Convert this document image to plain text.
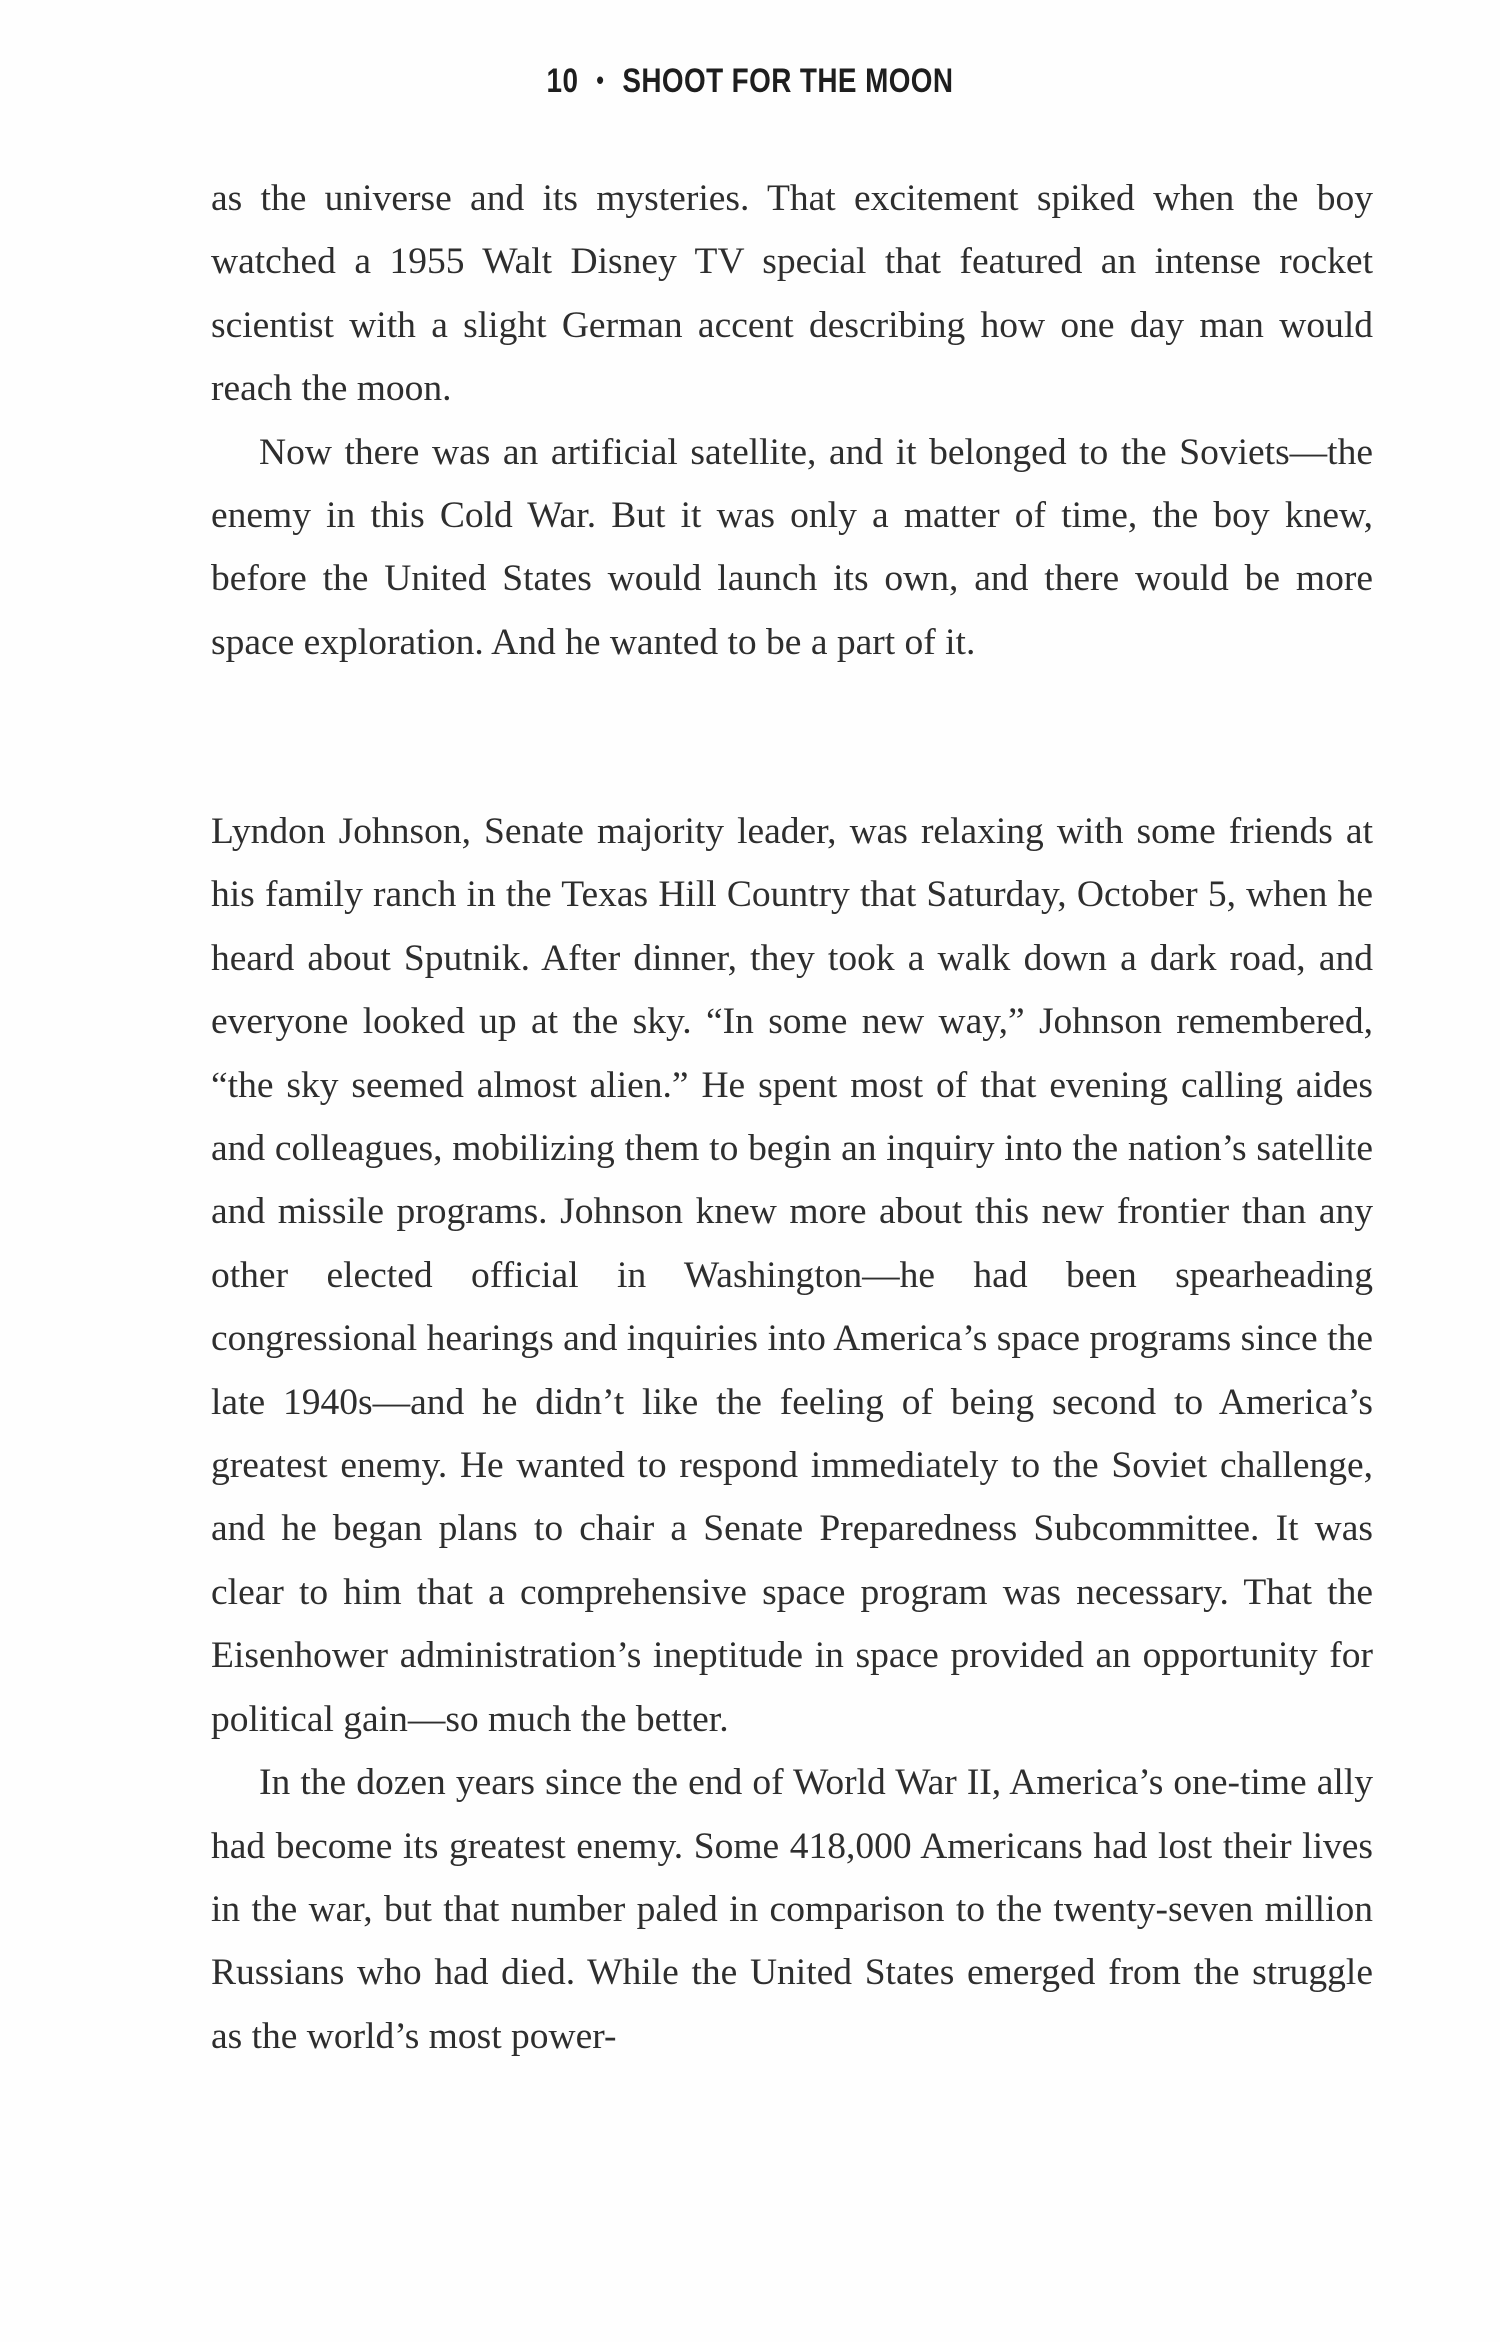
10 • SHOOT FOR THE MOON

as the universe and its mysteries. That excitement spiked when the boy watched a 1955 Walt Disney TV special that featured an intense rocket scientist with a slight German accent describing how one day man would reach the moon.

Now there was an artificial satellite, and it belonged to the Soviets—the enemy in this Cold War. But it was only a matter of time, the boy knew, before the United States would launch its own, and there would be more space exploration. And he wanted to be a part of it.

Lyndon Johnson, Senate majority leader, was relaxing with some friends at his family ranch in the Texas Hill Country that Saturday, October 5, when he heard about Sputnik. After dinner, they took a walk down a dark road, and everyone looked up at the sky. “In some new way,” Johnson remembered, “the sky seemed almost alien.” He spent most of that evening calling aides and colleagues, mobilizing them to begin an inquiry into the nation’s satellite and missile programs. Johnson knew more about this new frontier than any other elected official in Washington—he had been spearheading congressional hearings and inquiries into America’s space programs since the late 1940s—and he didn’t like the feeling of being second to America’s greatest enemy. He wanted to respond immediately to the Soviet challenge, and he began plans to chair a Senate Preparedness Subcommittee. It was clear to him that a comprehensive space program was necessary. That the Eisenhower administration’s ineptitude in space provided an opportunity for political gain—so much the better.

In the dozen years since the end of World War II, America’s one-time ally had become its greatest enemy. Some 418,000 Americans had lost their lives in the war, but that number paled in comparison to the twenty-seven million Russians who had died. While the United States emerged from the struggle as the world’s most power-
